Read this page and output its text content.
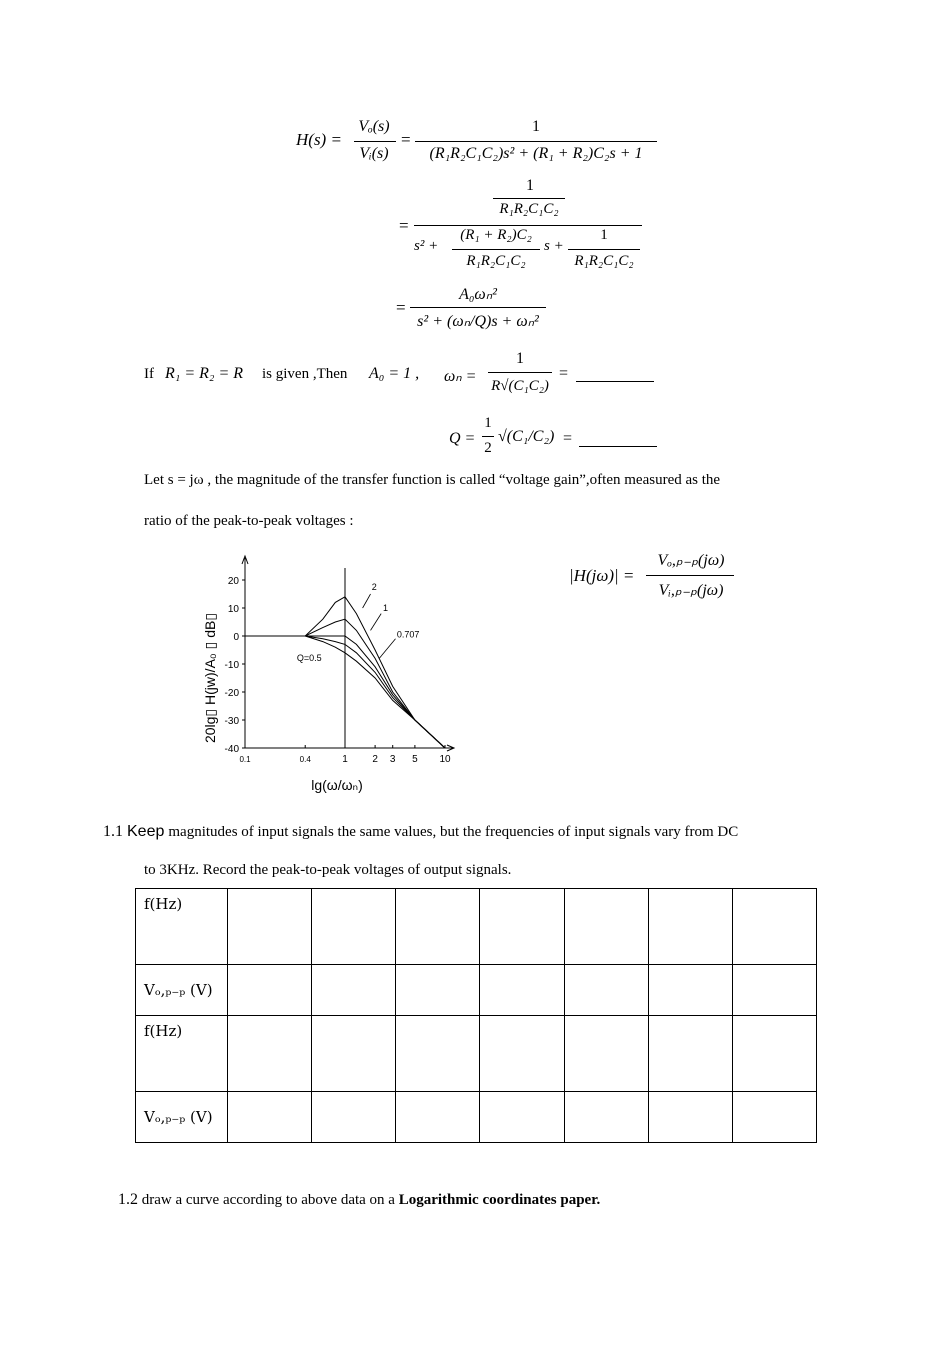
H(s) =
Vₒ(s)
Vᵢ(s)
=
1
(R₁R₂C₁C₂)s² + (R₁ + R₂)C₂s + 1
=
1
R₁R₂C₁C₂
s² +
(R₁ + R₂)C₂
R₁R₂C₁C₂
s +
1
R₁R₂C₁C₂
=
A₀ωₙ²
s² + (ωₙ/Q)s + ωₙ²
If R₁ = R₂ = R is given ,Then A₀ = 1 , ωₙ =
1
R√(C₁C₂)
=
Q =
1
2
√(C₁/C₂) =
Let s = jω , the magnitude of the transfer function is called “voltage gain”,often measured as the
ratio of the peak-to-peak voltages :
|H(jω)| =
Vₒ,ₚ₋ₚ(jω)
Vᵢ,ₚ₋ₚ(jω)
20
10
0
-10
-20
-30
-40
0.1	0.4	1 2 3 5 10
2
1
0.707
Q=0.5
20lg▯ H(jw)/A₀ ▯ dB▯
lg(ω/ωₙ)
1.1 Keep magnitudes of input signals the same values, but the frequencies of input signals vary from DC
to 3KHz. Record the peak-to-peak voltages of output signals.
f(Hz)							
Vₒ,ₚ₋ₚ (V)							
f(Hz)							
Vₒ,ₚ₋ₚ (V)							
1.2 draw a curve according to above data on a Logarithmic coordinates paper.
